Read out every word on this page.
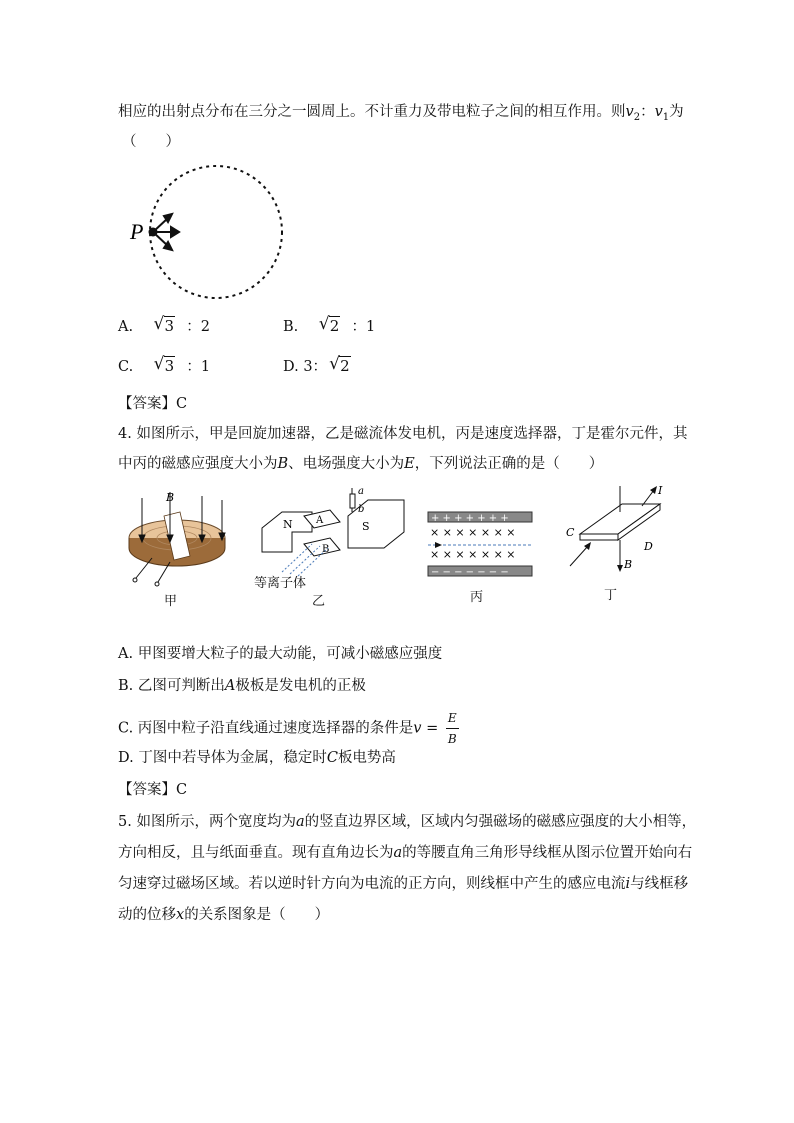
相应的出射点分布在三分之一圆周上。不计重力及带电粒子之间的相互作用。则$v_2$：$v_1$为
（　　）
P
A. √ 3 ：2	B. √ 2 ：1
C. √ 3 ：1	D. 3： √ 2
【答案】C
4. 如图所示，甲是回旋加速器，乙是磁流体发电机，丙是速度选择器，丁是霍尔元件，其
中丙的磁感应强度大小为B、电场强度大小为E，下列说法正确的是（　　）
B
甲
N	S
A
B
a
b
等离子体
乙
+ + + + + + +
× × × × × × ×
× × × × × × ×
− − − − − − −
丙
I
C
D
B
丁
A. 甲图要增大粒子的最大动能，可减小磁感应强度
B. 乙图可判断出A极板是发电机的正极
C. 丙图中粒子沿直线通过速度选择器的条件是$v = \frac{E}{B}$
D. 丁图中若导体为金属，稳定时C板电势高
【答案】C
5. 如图所示，两个宽度均为a的竖直边界区域，区域内匀强磁场的磁感应强度的大小相等，
方向相反，且与纸面垂直。现有直角边长为a的等腰直角三角形导线框从图示位置开始向右
匀速穿过磁场区域。若以逆时针方向为电流的正方向，则线框中产生的感应电流i与线框移
动的位移x的关系图象是（　　）
